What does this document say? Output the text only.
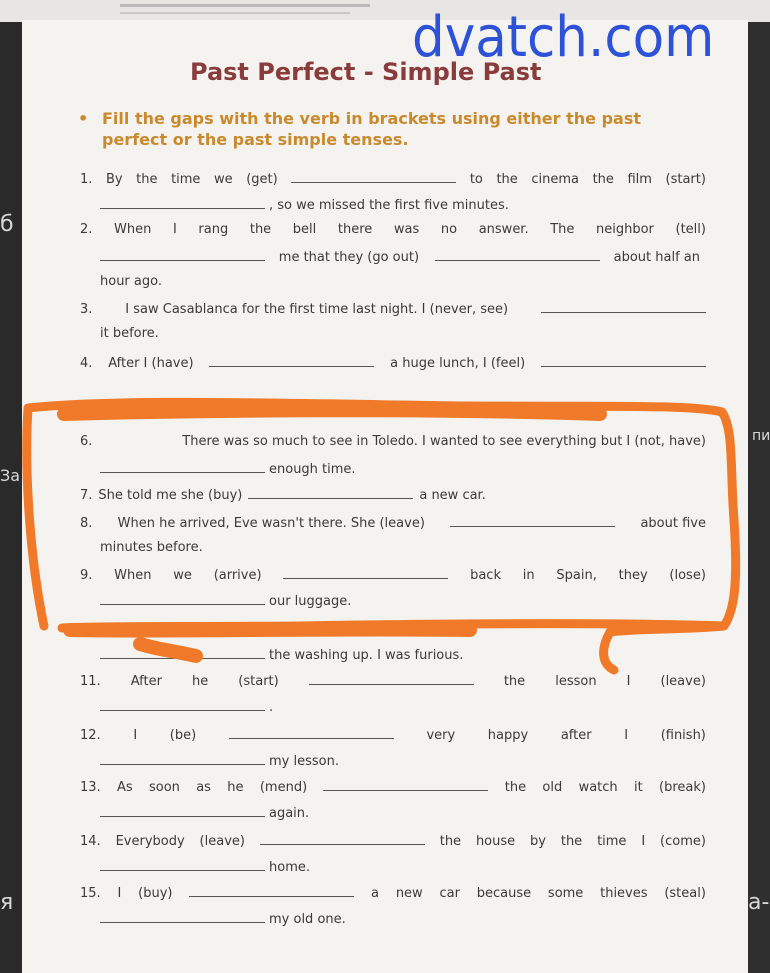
б
За
я
пи
а-
dvatch.com
Past Perfect - Simple Past
• Fill the gaps with the verb in brackets using either the past perfect or the past simple tenses.
1. By the time we (get)	to the cinema the film (start)
, so we missed the first five minutes.
2. When I rang the bell there was no answer. The neighbor (tell)
me that they (go out)	about half an
hour ago.
3.	I saw Casablanca for the first time last night. I (never, see)
it before.
4. After I (have)	a huge lunch, I (feel)
6.	There was so much to see in Toledo. I wanted to see everything but I (not, have)
enough time.
7. She told me she (buy)	a new car.
8. When he arrived, Eve wasn't there. She (leave)	about five
minutes before.
9. When we (arrive)	back in Spain, they (lose)
our luggage.
the washing up. I was furious.
11. After he (start)	the lesson I (leave)
.
12.	I	(be)	very	happy	after	I	(finish)
my lesson.
13. As soon as he (mend)	the old watch it (break)
again.
14. Everybody (leave)	the house by the time I (come)
home.
15. I (buy)	a new car because some thieves (steal)
my old one.
